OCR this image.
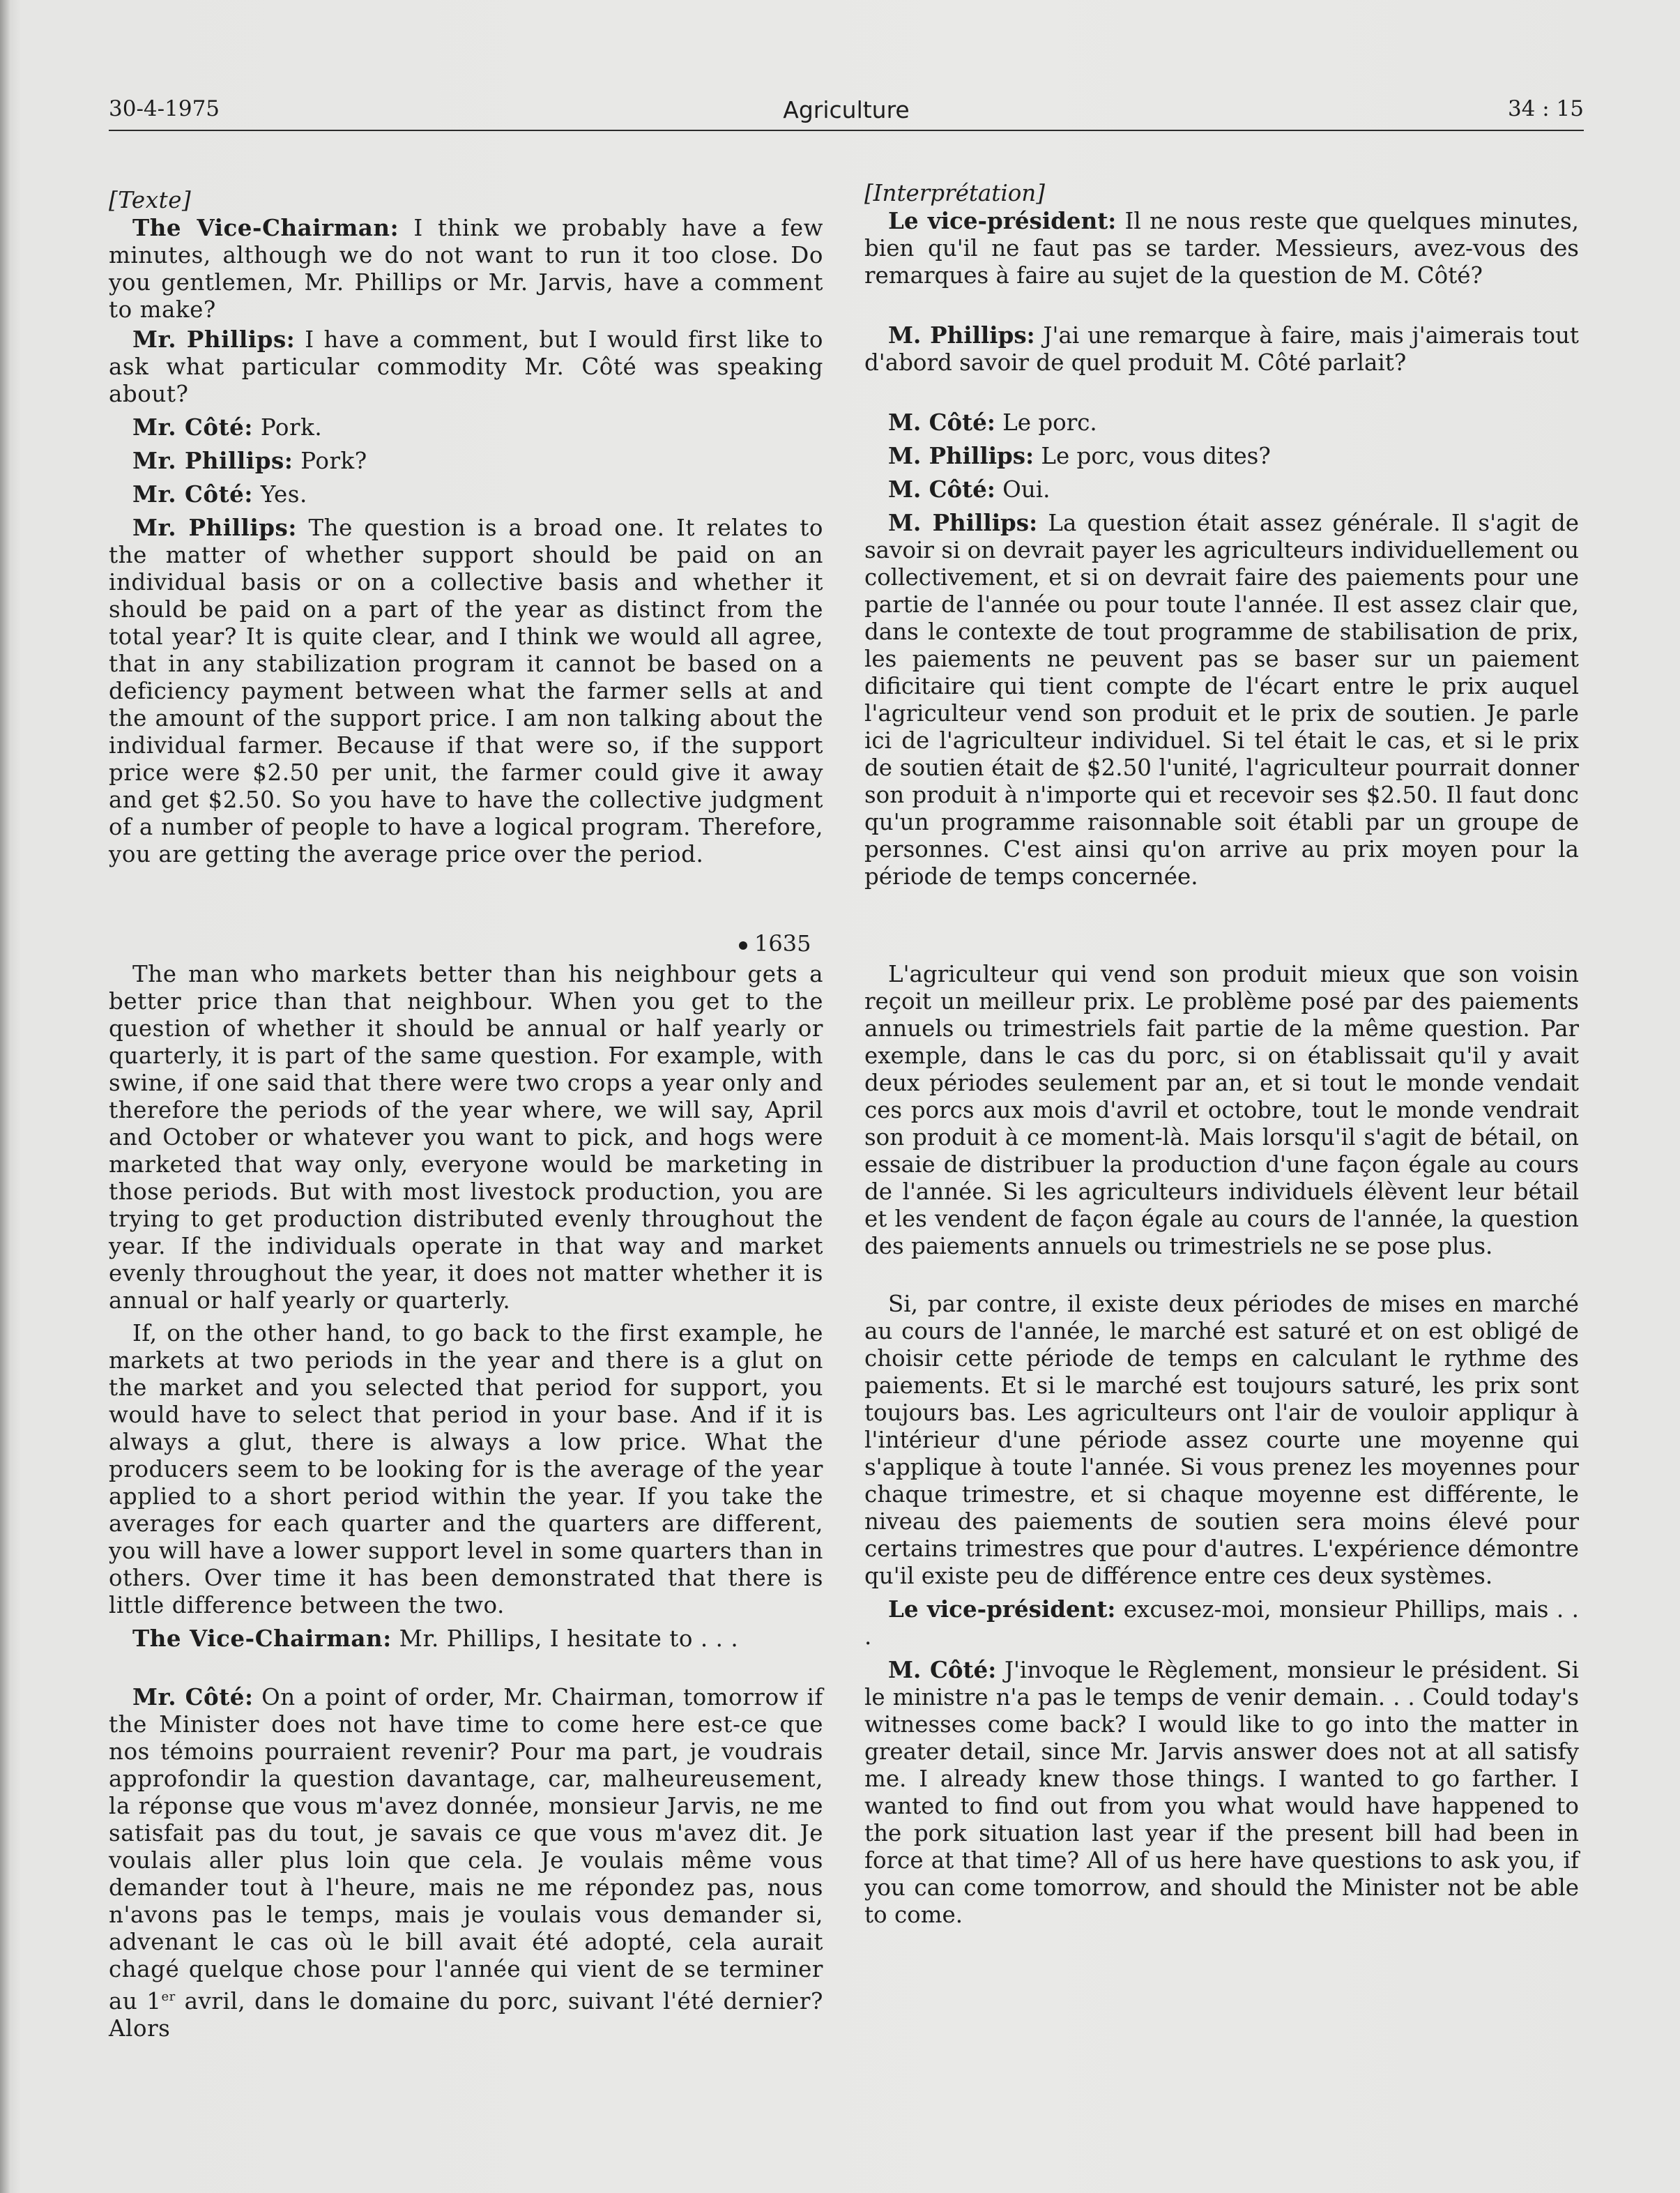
30-4-1975	Agriculture	34 : 15
[Texte]

The Vice-Chairman: I think we probably have a few minutes, although we do not want to run it too close. Do you gentlemen, Mr. Phillips or Mr. Jarvis, have a comment to make?

Mr. Phillips: I have a comment, but I would first like to ask what particular commodity Mr. Côté was speaking about?

Mr. Côté: Pork.

Mr. Phillips: Pork?

Mr. Côté: Yes.

Mr. Phillips: The question is a broad one. It relates to the matter of whether support should be paid on an individual basis or on a collective basis and whether it should be paid on a part of the year as distinct from the total year? It is quite clear, and I think we would all agree, that in any stabilization program it cannot be based on a deficiency payment between what the farmer sells at and the amount of the support price. I am non talking about the individual farmer. Because if that were so, if the support price were $2.50 per unit, the farmer could give it away and get $2.50. So you have to have the collective judgment of a number of people to have a logical program. Therefore, you are getting the average price over the period.

1635

The man who markets better than his neighbour gets a better price than that neighbour. When you get to the question of whether it should be annual or half yearly or quarterly, it is part of the same question. For example, with swine, if one said that there were two crops a year only and therefore the periods of the year where, we will say, April and October or whatever you want to pick, and hogs were marketed that way only, everyone would be marketing in those periods. But with most livestock production, you are trying to get production distributed evenly throughout the year. If the individuals operate in that way and market evenly throughout the year, it does not matter whether it is annual or half yearly or quarterly.

If, on the other hand, to go back to the first example, he markets at two periods in the year and there is a glut on the market and you selected that period for support, you would have to select that period in your base. And if it is always a glut, there is always a low price. What the producers seem to be looking for is the average of the year applied to a short period within the year. If you take the averages for each quarter and the quarters are different, you will have a lower support level in some quarters than in others. Over time it has been demonstrated that there is little difference between the two.

The Vice-Chairman: Mr. Phillips, I hesitate to . . .

Mr. Côté: On a point of order, Mr. Chairman, tomorrow if the Minister does not have time to come here est-ce que nos témoins pourraient revenir? Pour ma part, je voudrais approfondir la question davantage, car, malheureusement, la réponse que vous m'avez donnée, monsieur Jarvis, ne me satisfait pas du tout, je savais ce que vous m'avez dit. Je voulais aller plus loin que cela. Je voulais même vous demander tout à l'heure, mais ne me répondez pas, nous n'avons pas le temps, mais je voulais vous demander si, advenant le cas où le bill avait été adopté, cela aurait chagé quelque chose pour l'année qui vient de se terminer au 1er avril, dans le domaine du porc, suivant l'été dernier? Alors

[Interprétation]

Le vice-président: Il ne nous reste que quelques minutes, bien qu'il ne faut pas se tarder. Messieurs, avez-vous des remarques à faire au sujet de la question de M. Côté?

M. Phillips: J'ai une remarque à faire, mais j'aimerais tout d'abord savoir de quel produit M. Côté parlait?

M. Côté: Le porc.

M. Phillips: Le porc, vous dites?

M. Côté: Oui.

M. Phillips: La question était assez générale. Il s'agit de savoir si on devrait payer les agriculteurs individuellement ou collectivement, et si on devrait faire des paiements pour une partie de l'année ou pour toute l'année. Il est assez clair que, dans le contexte de tout programme de stabilisation de prix, les paiements ne peuvent pas se baser sur un paiement dificitaire qui tient compte de l'écart entre le prix auquel l'agriculteur vend son produit et le prix de soutien. Je parle ici de l'agriculteur individuel. Si tel était le cas, et si le prix de soutien était de $2.50 l'unité, l'agriculteur pourrait donner son produit à n'importe qui et recevoir ses $2.50. Il faut donc qu'un programme raisonnable soit établi par un groupe de personnes. C'est ainsi qu'on arrive au prix moyen pour la période de temps concernée.

L'agriculteur qui vend son produit mieux que son voisin reçoit un meilleur prix. Le problème posé par des paiements annuels ou trimestriels fait partie de la même question. Par exemple, dans le cas du porc, si on établissait qu'il y avait deux périodes seulement par an, et si tout le monde vendait ces porcs aux mois d'avril et octobre, tout le monde vendrait son produit à ce moment-là. Mais lorsqu'il s'agit de bétail, on essaie de distribuer la production d'une façon égale au cours de l'année. Si les agriculteurs individuels élèvent leur bétail et les vendent de façon égale au cours de l'année, la question des paiements annuels ou trimestriels ne se pose plus.

Si, par contre, il existe deux périodes de mises en marché au cours de l'année, le marché est saturé et on est obligé de choisir cette période de temps en calculant le rythme des paiements. Et si le marché est toujours saturé, les prix sont toujours bas. Les agriculteurs ont l'air de vouloir appliqur à l'intérieur d'une période assez courte une moyenne qui s'applique à toute l'année. Si vous prenez les moyennes pour chaque trimestre, et si chaque moyenne est différente, le niveau des paiements de soutien sera moins élevé pour certains trimestres que pour d'autres. L'expérience démontre qu'il existe peu de différence entre ces deux systèmes.

Le vice-président: excusez-moi, monsieur Phillips, mais . . .

M. Côté: J'invoque le Règlement, monsieur le président. Si le ministre n'a pas le temps de venir demain. . . Could today's witnesses come back? I would like to go into the matter in greater detail, since Mr. Jarvis answer does not at all satisfy me. I already knew those things. I wanted to go farther. I wanted to find out from you what would have happened to the pork situation last year if the present bill had been in force at that time? All of us here have questions to ask you, if you can come tomorrow, and should the Minister not be able to come.
